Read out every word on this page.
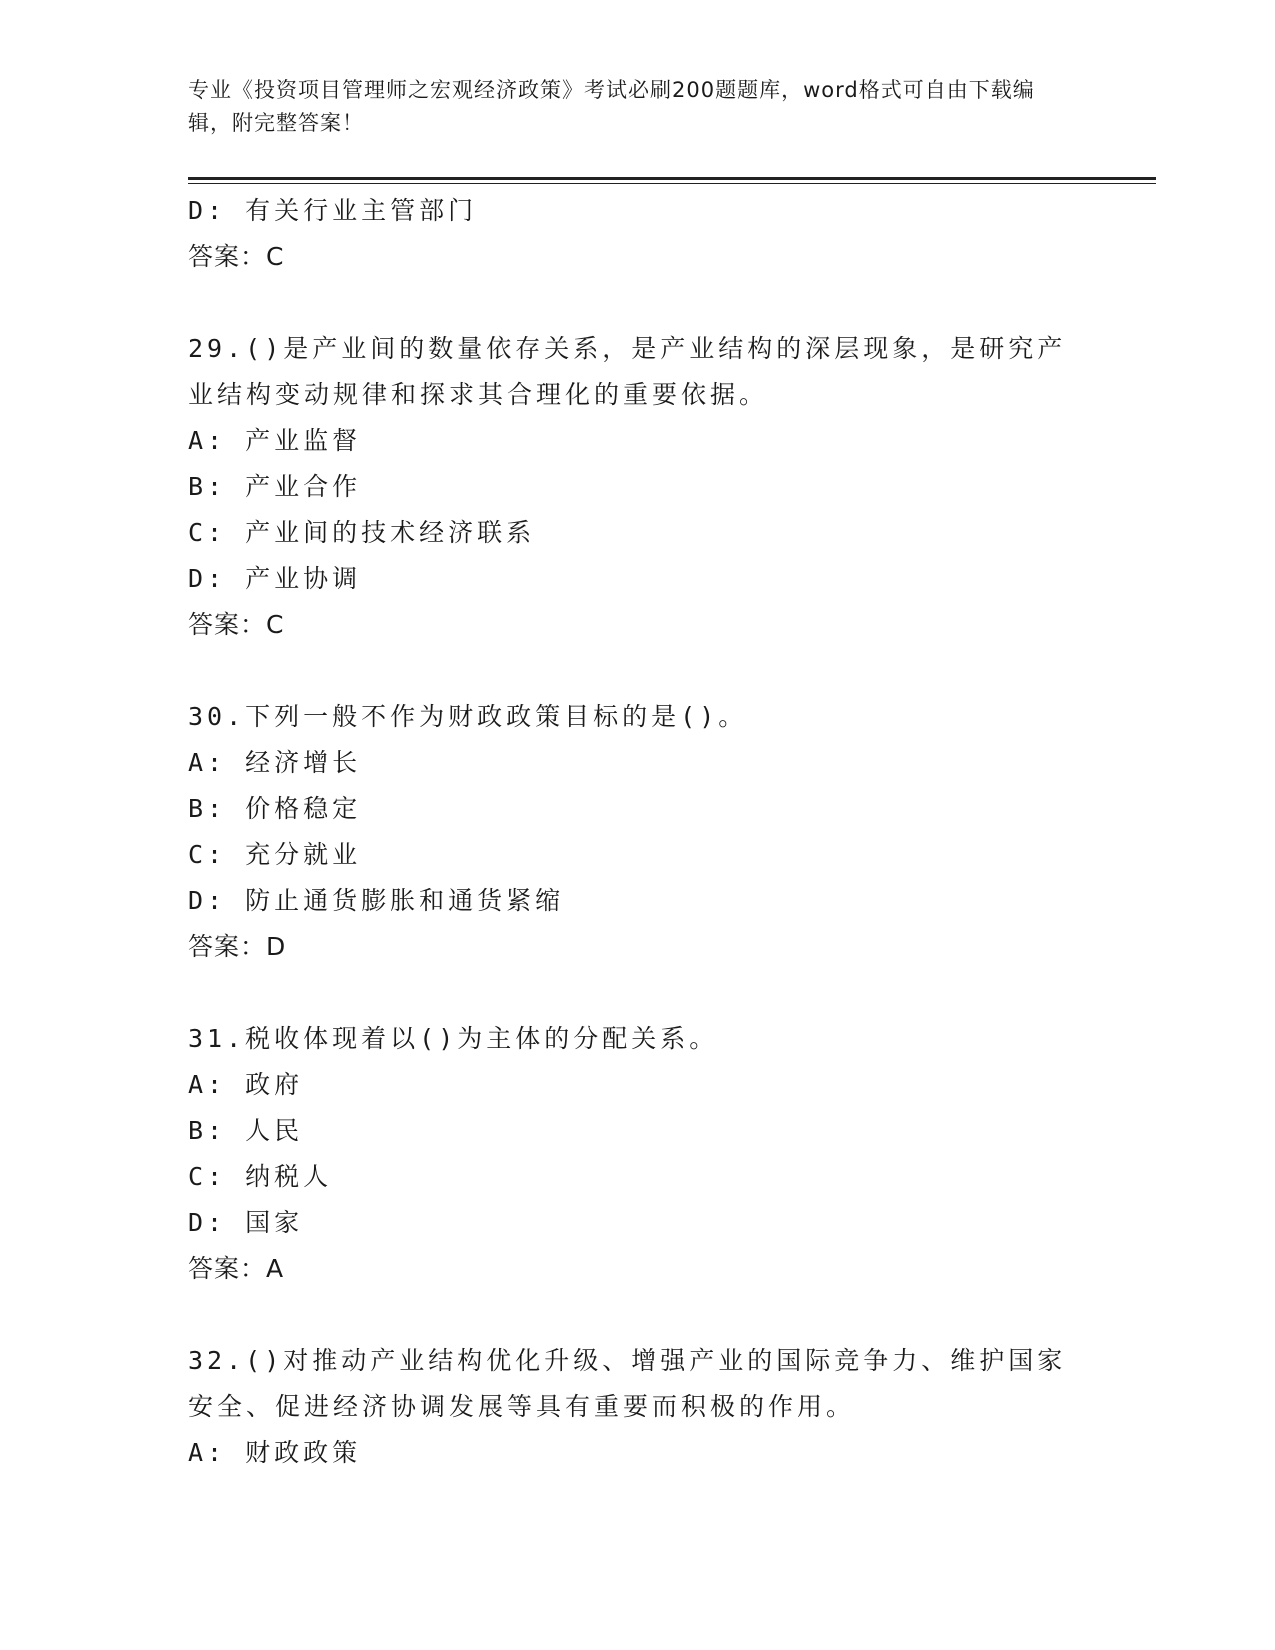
专业《投资项目管理师之宏观经济政策》考试必刷200题题库，word格式可自由下载编辑，附完整答案！
D: 有关行业主管部门
答案：C
29.()是产业间的数量依存关系，是产业结构的深层现象，是研究产业结构变动规律和探求其合理化的重要依据。
A: 产业监督
B: 产业合作
C: 产业间的技术经济联系
D: 产业协调
答案：C
30.下列一般不作为财政政策目标的是()。
A: 经济增长
B: 价格稳定
C: 充分就业
D: 防止通货膨胀和通货紧缩
答案：D
31.税收体现着以()为主体的分配关系。
A: 政府
B: 人民
C: 纳税人
D: 国家
答案：A
32.()对推动产业结构优化升级、增强产业的国际竞争力、维护国家安全、促进经济协调发展等具有重要而积极的作用。
A: 财政政策
